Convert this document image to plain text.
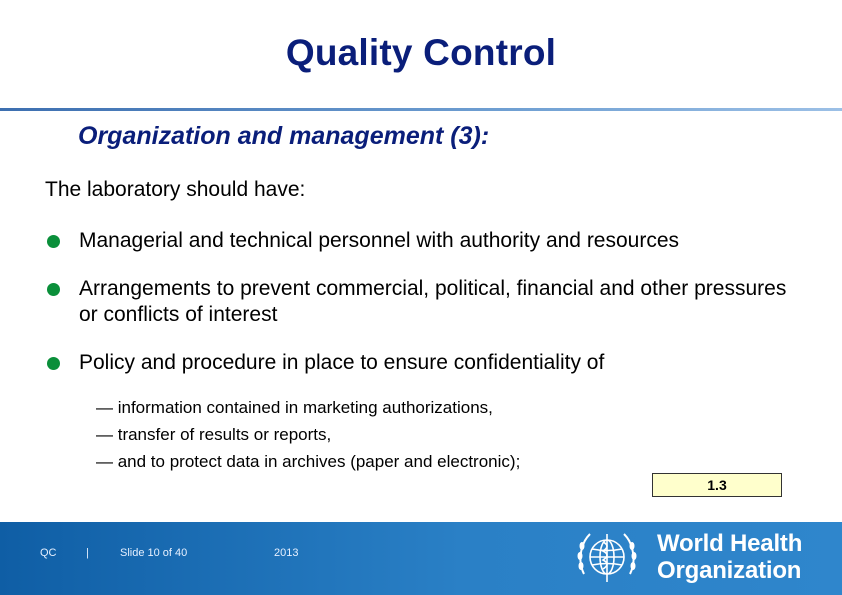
Quality Control
Organization and management (3):
The laboratory should have:
Managerial and technical personnel with authority and resources
Arrangements to prevent commercial, political, financial and other pressures or conflicts of interest
Policy and procedure in place to ensure confidentiality of
— information contained in marketing authorizations,
— transfer of results or reports,
— and to protect data in archives (paper and electronic);
1.3
QC	|	Slide 10 of 40	2013	World Health
Organization
